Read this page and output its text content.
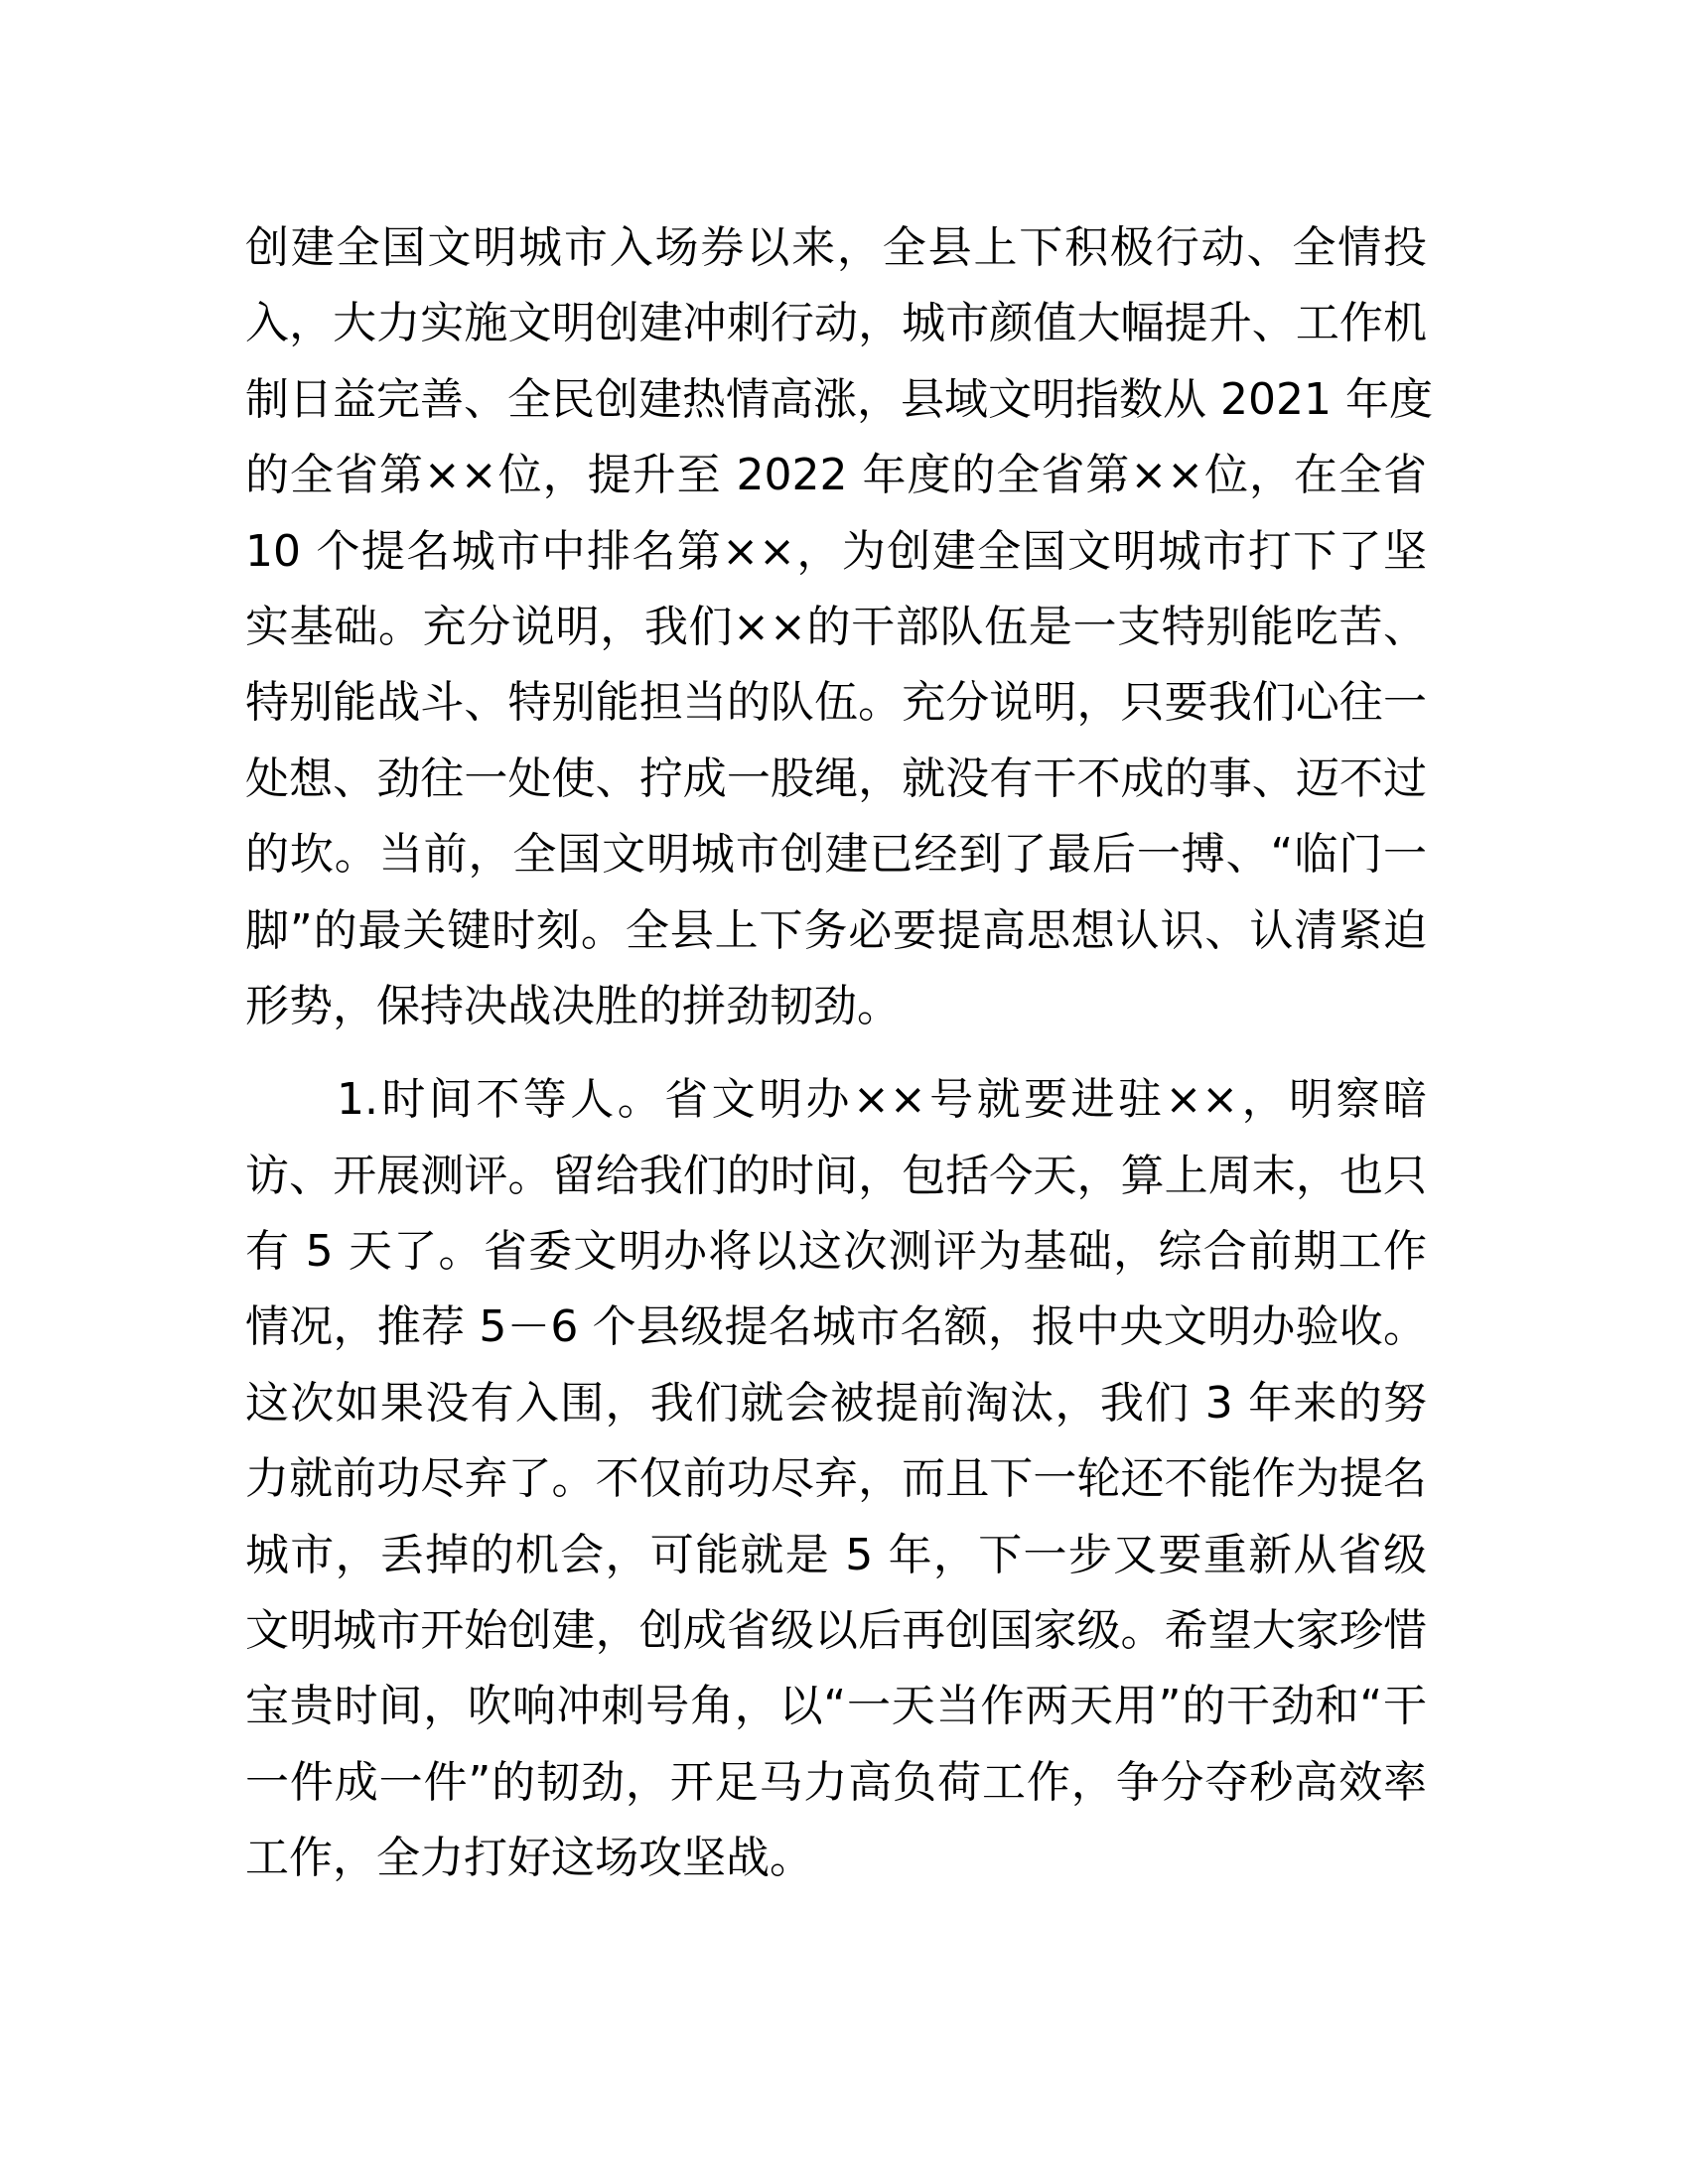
创建全国文明城市入场券以来，全县上下积极行动、全情投
入，大力实施文明创建冲刺行动，城市颜值大幅提升、工作机
制日益完善、全民创建热情高涨，县域文明指数从 2021 年度
的全省第××位，提升至 2022 年度的全省第××位，在全省
10 个提名城市中排名第××，为创建全国文明城市打下了坚
实基础。充分说明，我们××的干部队伍是一支特别能吃苦、
特别能战斗、特别能担当的队伍。充分说明，只要我们心往一
处想、劲往一处使、拧成一股绳，就没有干不成的事、迈不过
的坎。当前，全国文明城市创建已经到了最后一搏、“临门一
脚”的最关键时刻。全县上下务必要提高思想认识、认清紧迫
形势，保持决战决胜的拼劲韧劲。
1.时间不等人。省文明办××号就要进驻××，明察暗
访、开展测评。留给我们的时间，包括今天，算上周末，也只
有 5 天了。省委文明办将以这次测评为基础，综合前期工作
情况，推荐 5－6 个县级提名城市名额，报中央文明办验收。
这次如果没有入围，我们就会被提前淘汰，我们 3 年来的努
力就前功尽弃了。不仅前功尽弃，而且下一轮还不能作为提名
城市，丢掉的机会，可能就是 5 年，下一步又要重新从省级
文明城市开始创建，创成省级以后再创国家级。希望大家珍惜
宝贵时间，吹响冲刺号角，以“一天当作两天用”的干劲和“干
一件成一件”的韧劲，开足马力高负荷工作，争分夺秒高效率
工作，全力打好这场攻坚战。
